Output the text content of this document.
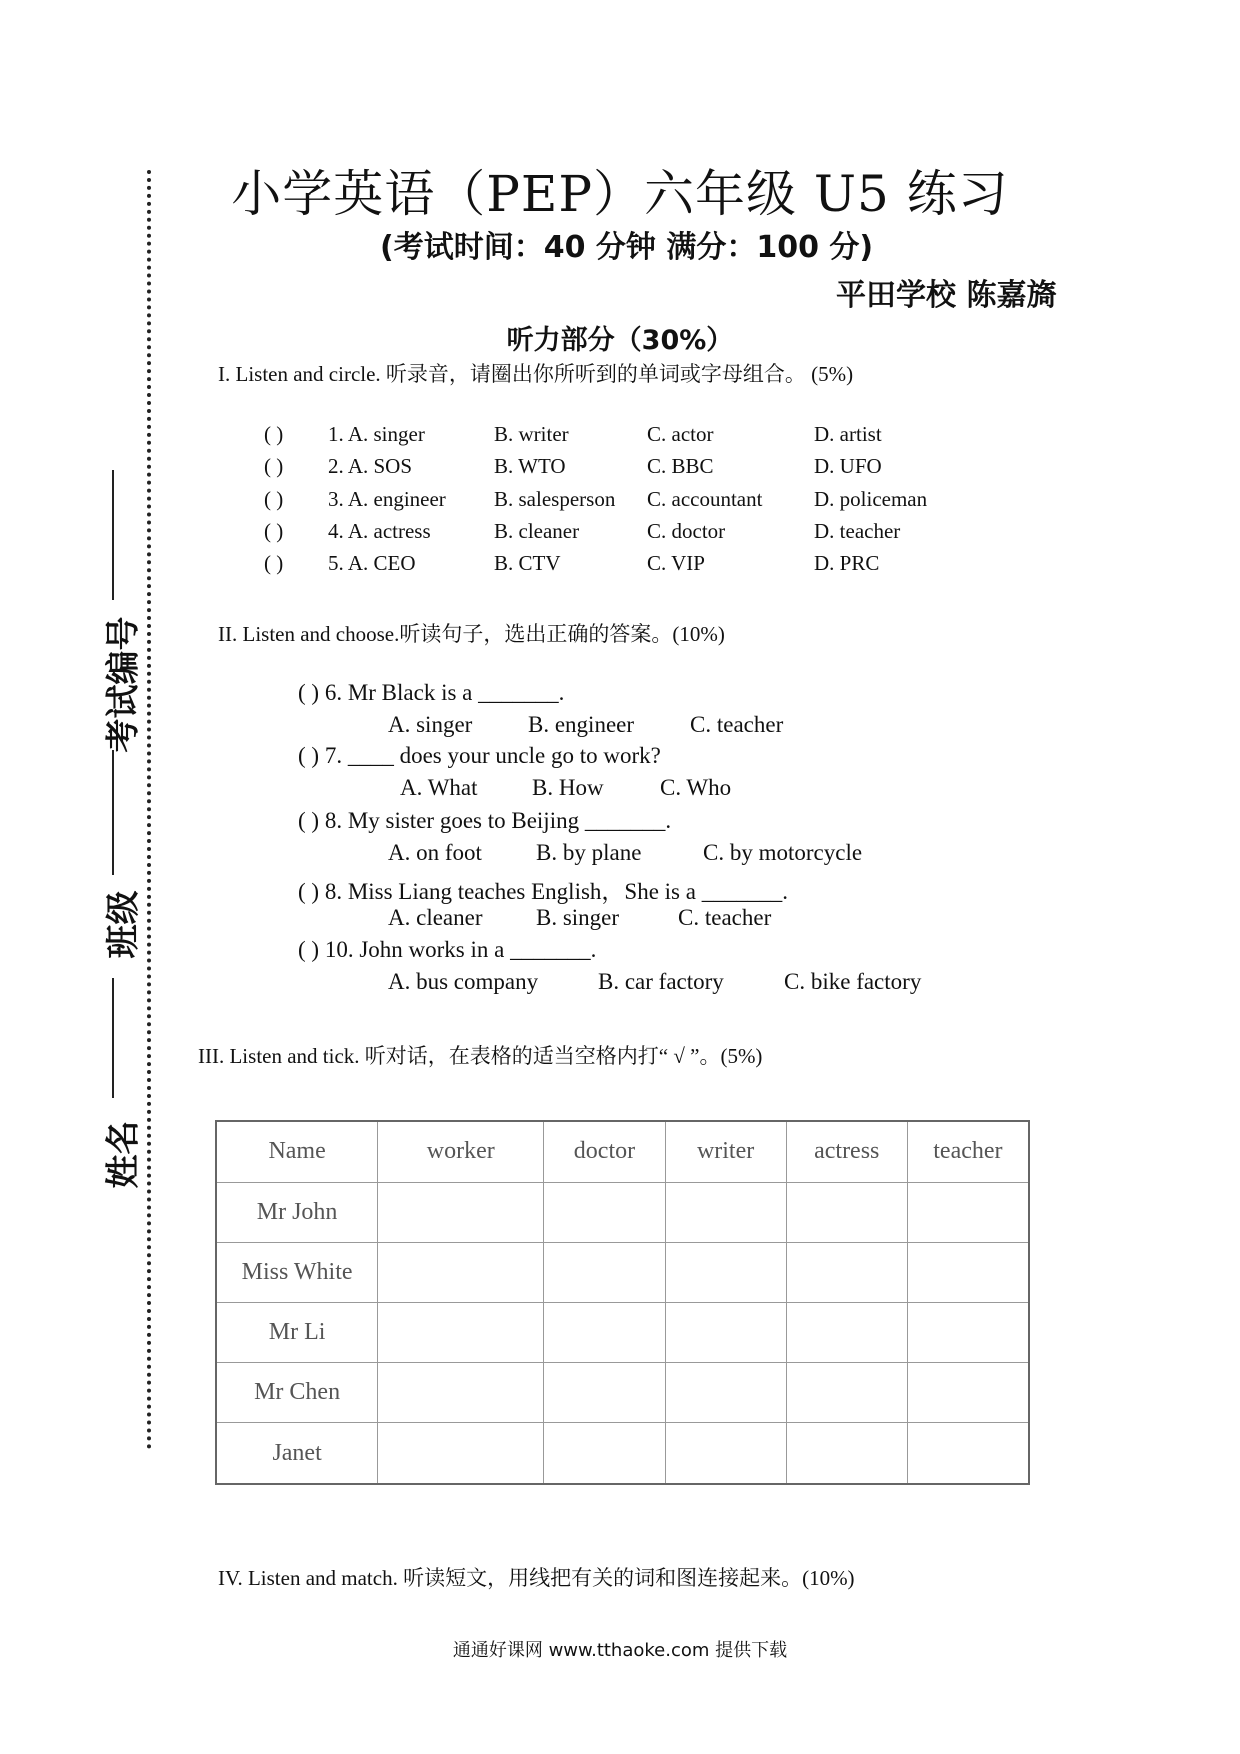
考试编号
班级
姓名
小学英语（PEP）六年级 U5 练习
(考试时间：40 分钟 满分：100 分)
平田学校 陈嘉旖
听力部分（30%）
I. Listen and circle. 听录音，请圈出你所听到的单词或字母组合。 (5%)
( ) 1. A. singer	B. writer	C. actor	D. artist
( ) 2. A. SOS	B. WTO	C. BBC	D. UFO
( ) 3. A. engineer B. salesperson C. accountant D. policeman
( ) 4. A. actress	B. cleaner	C. doctor	D. teacher
( ) 5. A. CEO	B. CTV	C. VIP	D. PRC
II. Listen and choose.听读句子，选出正确的答案。(10%)
( ) 6. Mr Black is a _______.
A. singer B. engineer C. teacher
( ) 7. ____ does your uncle go to work?
A. What B. How C. Who
( ) 8. My sister goes to Beijing _______.
A. on foot B. by plane	C. by motorcycle
( ) 8. Miss Liang teaches English，She is a _______.
A. cleaner B. singer	C. teacher
( ) 10. John works in a _______.
A. bus company	B. car factory	C. bike factory
III. Listen and tick. 听对话，在表格的适当空格内打“ √ ”。(5%)
Name	worker	doctor	writer	actress	teacher
Mr John					
Miss White					
Mr Li					
Mr Chen					
Janet					
IV. Listen and match. 听读短文，用线把有关的词和图连接起来。(10%)
通通好课网 www.tthaoke.com 提供下载
